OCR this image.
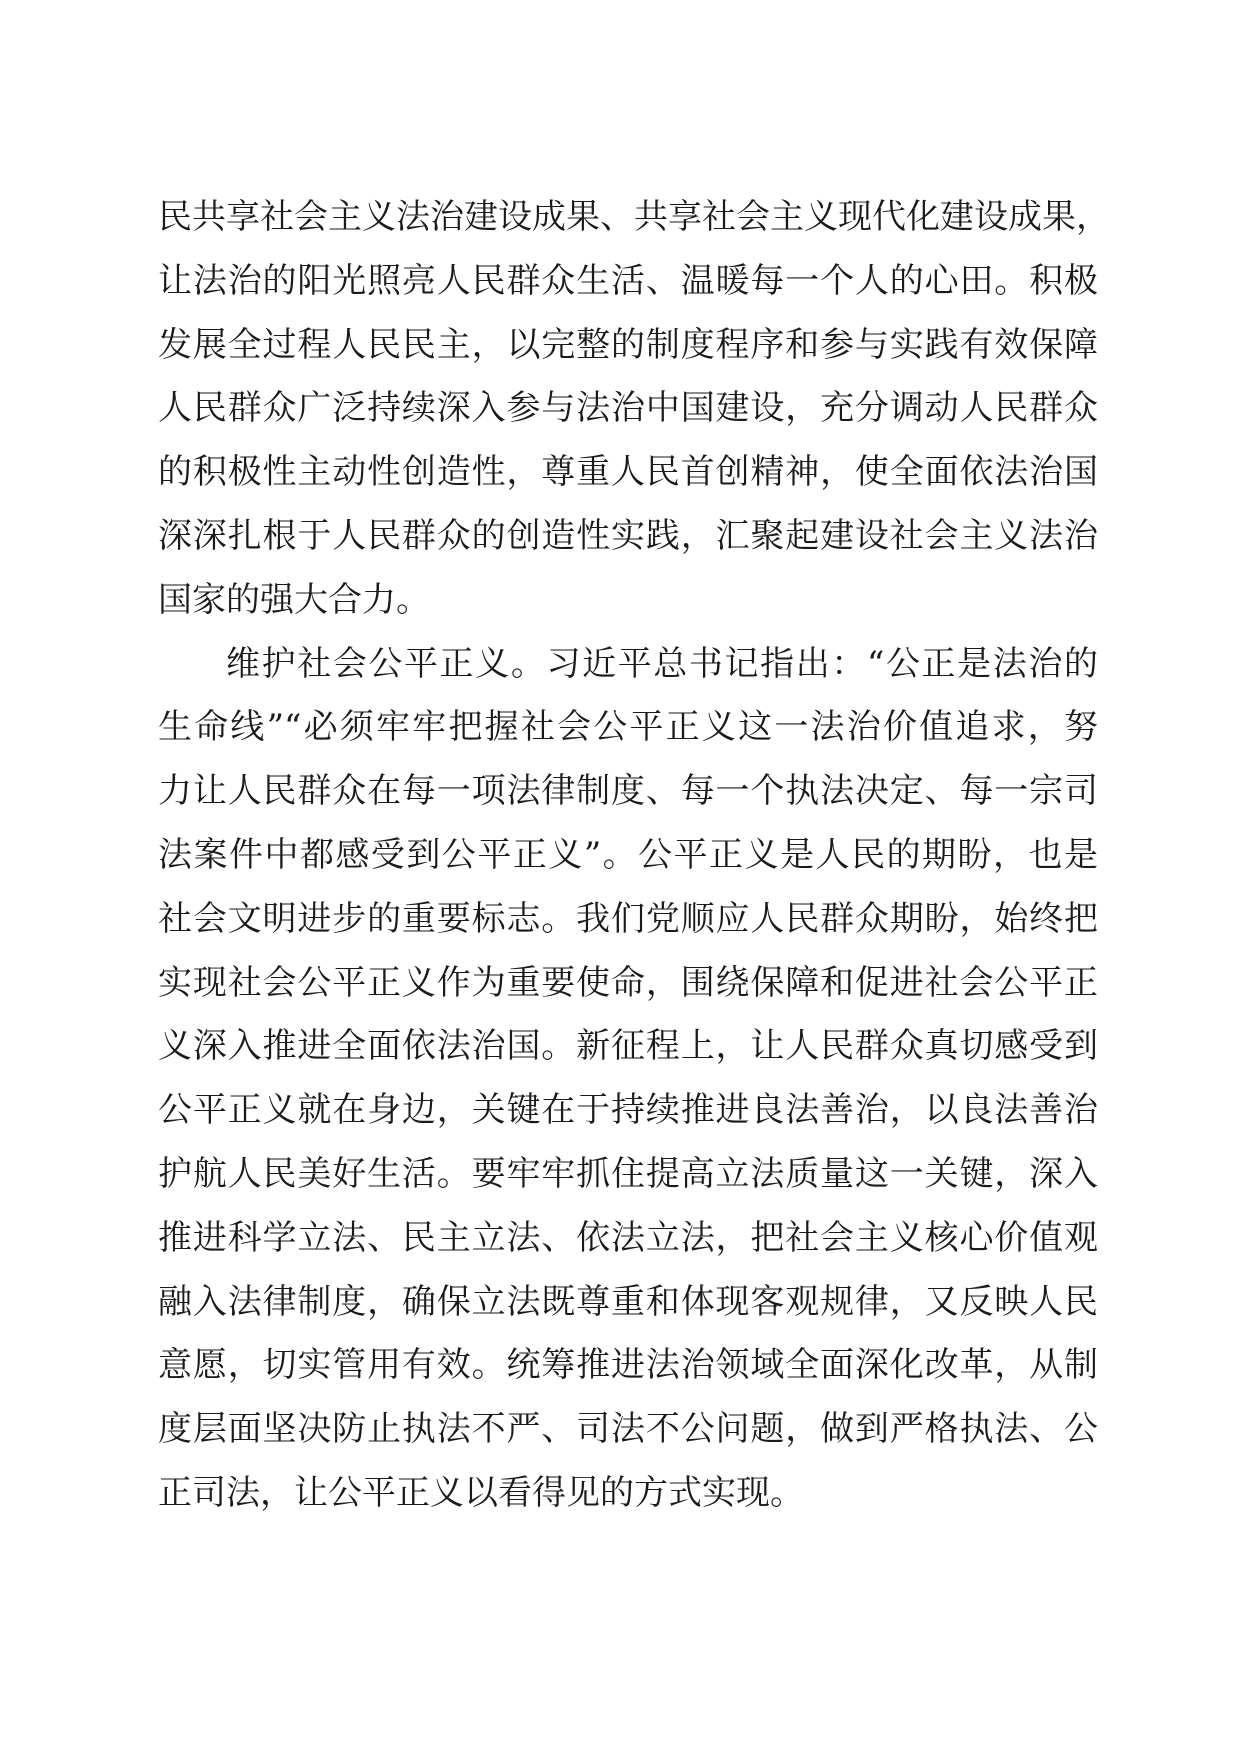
民共享社会主义法治建设成果、共享社会主义现代化建设成果，
让法治的阳光照亮人民群众生活、温暖每一个人的心田。积极
发展全过程人民民主，以完整的制度程序和参与实践有效保障
人民群众广泛持续深入参与法治中国建设，充分调动人民群众
的积极性主动性创造性，尊重人民首创精神，使全面依法治国
深深扎根于人民群众的创造性实践，汇聚起建设社会主义法治
国家的强大合力。
维护社会公平正义。习近平总书记指出：“公正是法治的
生命线”“必须牢牢把握社会公平正义这一法治价值追求，努
力让人民群众在每一项法律制度、每一个执法决定、每一宗司
法案件中都感受到公平正义”。公平正义是人民的期盼，也是
社会文明进步的重要标志。我们党顺应人民群众期盼，始终把
实现社会公平正义作为重要使命，围绕保障和促进社会公平正
义深入推进全面依法治国。新征程上，让人民群众真切感受到
公平正义就在身边，关键在于持续推进良法善治，以良法善治
护航人民美好生活。要牢牢抓住提高立法质量这一关键，深入
推进科学立法、民主立法、依法立法，把社会主义核心价值观
融入法律制度，确保立法既尊重和体现客观规律，又反映人民
意愿，切实管用有效。统筹推进法治领域全面深化改革，从制
度层面坚决防止执法不严、司法不公问题，做到严格执法、公
正司法，让公平正义以看得见的方式实现。
